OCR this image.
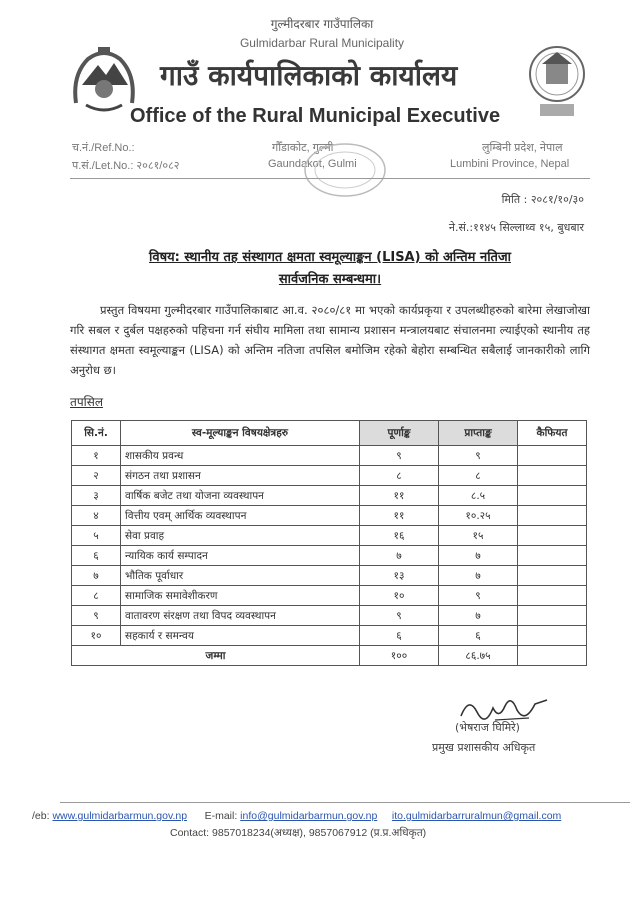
गुल्मीदरबार गाउँपालिका
Gulmidarbar Rural Municipality
गाउँ कार्यपालिकाको कार्यालय
Office of the Rural Municipal Executive
च.नं./Ref.No.:
प.सं./Let.No.: २०८१/०८२
गौँडाकोट, गुल्मी
Gaundakot, Gulmi
लुम्बिनी प्रदेश, नेपाल
Lumbini Province, Nepal
मिति : २०८१/१०/३०
ने.सं.:११४५ सिल्लाथ्व १५, बुधबार
विषय: स्थानीय तह संस्थागत क्षमता स्वमूल्याङ्कन (LISA) को अन्तिम नतिजा
सार्वजनिक सम्बन्धमा।
प्रस्तुत विषयमा गुल्मीदरबार गाउँपालिकाबाट आ.व. २०८०/८१ मा भएको कार्यप्रकृया र उपलब्धीहरुको बारेमा लेखाजोखा गरि सबल र दुर्बल पक्षहरुको पहिचना गर्न संघीय मामिला तथा सामान्य प्रशासन मन्त्रालयबाट संचालनमा ल्याईएको स्थानीय तह संस्थागत क्षमता स्वमूल्याङ्कन (LISA) को अन्तिम नतिजा तपसिल बमोजिम रहेको बेहोरा सम्बन्धित सबैलाई जानकारीको लागि अनुरोध छ।
तपसिल
सि.नं.	स्व-मूल्याङ्कन विषयक्षेत्रहरु	पूर्णाङ्क	प्राप्ताङ्क	कैफियत
१	शासकीय प्रवन्ध	९	९	
२	संगठन तथा प्रशासन	८	८	
३	वार्षिक बजेट तथा योजना व्यवस्थापन	११	८.५	
४	वित्तीय एवम् आर्थिक व्यवस्थापन	११	१०.२५	
५	सेवा प्रवाह	१६	१५	
६	न्यायिक कार्य सम्पादन	७	७	
७	भौतिक पूर्वाधार	१३	७	
८	सामाजिक समावेशीकरण	१०	९	
९	वातावरण संरक्षण तथा विपद व्यवस्थापन	९	७	
१०	सहकार्य र समन्वय	६	६	
जम्मा		१००	८६.७५	
(भेषराज घिमिरे)
प्रमुख प्रशासकीय अधिकृत
/eb: www.gulmidarbarmun.gov.np E-mail: info@gulmidarbarmun.gov.np ito.gulmidarbarruralmun@gmail.com
Contact: 9857018234(अध्यक्ष), 9857067912 (प्र.प्र.अधिकृत)
